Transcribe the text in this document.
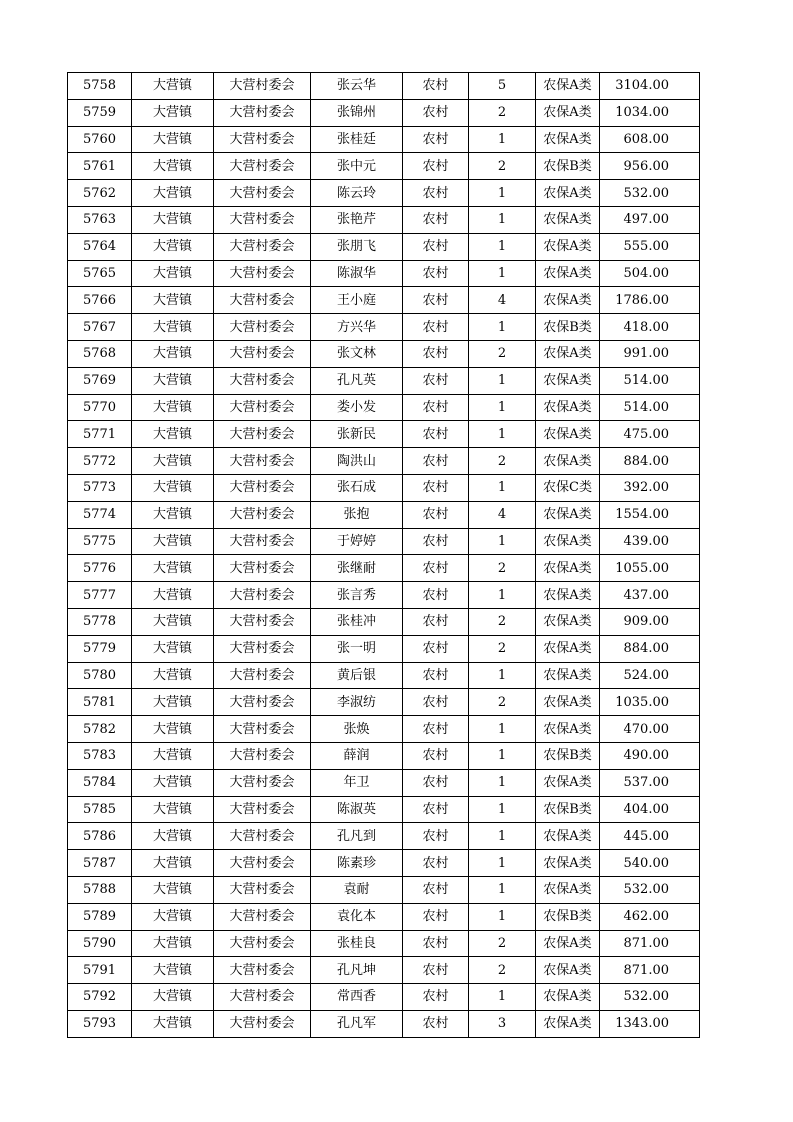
5758	大营镇	大营村委会	张云华	农村	5	农保A类	3104.00
5759	大营镇	大营村委会	张锦州	农村	2	农保A类	1034.00
5760	大营镇	大营村委会	张桂廷	农村	1	农保A类	608.00
5761	大营镇	大营村委会	张中元	农村	2	农保B类	956.00
5762	大营镇	大营村委会	陈云玲	农村	1	农保A类	532.00
5763	大营镇	大营村委会	张艳芹	农村	1	农保A类	497.00
5764	大营镇	大营村委会	张朋飞	农村	1	农保A类	555.00
5765	大营镇	大营村委会	陈淑华	农村	1	农保A类	504.00
5766	大营镇	大营村委会	王小庭	农村	4	农保A类	1786.00
5767	大营镇	大营村委会	方兴华	农村	1	农保B类	418.00
5768	大营镇	大营村委会	张文林	农村	2	农保A类	991.00
5769	大营镇	大营村委会	孔凡英	农村	1	农保A类	514.00
5770	大营镇	大营村委会	娄小发	农村	1	农保A类	514.00
5771	大营镇	大营村委会	张新民	农村	1	农保A类	475.00
5772	大营镇	大营村委会	陶洪山	农村	2	农保A类	884.00
5773	大营镇	大营村委会	张石成	农村	1	农保C类	392.00
5774	大营镇	大营村委会	张抱	农村	4	农保A类	1554.00
5775	大营镇	大营村委会	于婷婷	农村	1	农保A类	439.00
5776	大营镇	大营村委会	张继耐	农村	2	农保A类	1055.00
5777	大营镇	大营村委会	张言秀	农村	1	农保A类	437.00
5778	大营镇	大营村委会	张桂冲	农村	2	农保A类	909.00
5779	大营镇	大营村委会	张一明	农村	2	农保A类	884.00
5780	大营镇	大营村委会	黄后银	农村	1	农保A类	524.00
5781	大营镇	大营村委会	李淑纺	农村	2	农保A类	1035.00
5782	大营镇	大营村委会	张焕	农村	1	农保A类	470.00
5783	大营镇	大营村委会	薛润	农村	1	农保B类	490.00
5784	大营镇	大营村委会	年卫	农村	1	农保A类	537.00
5785	大营镇	大营村委会	陈淑英	农村	1	农保B类	404.00
5786	大营镇	大营村委会	孔凡到	农村	1	农保A类	445.00
5787	大营镇	大营村委会	陈素珍	农村	1	农保A类	540.00
5788	大营镇	大营村委会	袁耐	农村	1	农保A类	532.00
5789	大营镇	大营村委会	袁化本	农村	1	农保B类	462.00
5790	大营镇	大营村委会	张桂良	农村	2	农保A类	871.00
5791	大营镇	大营村委会	孔凡坤	农村	2	农保A类	871.00
5792	大营镇	大营村委会	常西香	农村	1	农保A类	532.00
5793	大营镇	大营村委会	孔凡军	农村	3	农保A类	1343.00
